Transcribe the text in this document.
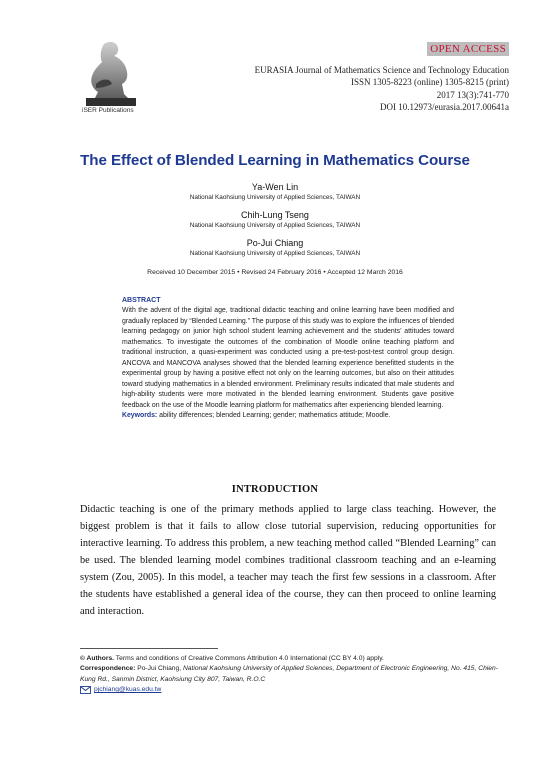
iSER Publications
OPEN ACCESS
EURASIA Journal of Mathematics Science and Technology Education
ISSN 1305-8223 (online) 1305-8215 (print)
2017 13(3):741-770
DOI 10.12973/eurasia.2017.00641a
The Effect of Blended Learning in Mathematics Course
Ya-Wen Lin
National Kaohsiung University of Applied Sciences, TAIWAN
Chih-Lung Tseng
National Kaohsiung University of Applied Sciences, TAIWAN
Po-Jui Chiang
National Kaohsiung University of Applied Sciences, TAIWAN
Received 10 December 2015 • Revised 24 February 2016 • Accepted 12 March 2016
ABSTRACT

With the advent of the digital age, traditional didactic teaching and online learning have been modified and gradually replaced by “Blended Learning.” The purpose of this study was to explore the influences of blended learning pedagogy on junior high school student learning achievement and the students’ attitudes toward mathematics. To investigate the outcomes of the combination of Moodle online teaching platform and traditional instruction, a quasi-experiment was conducted using a pre-test-post-test control group design. ANCOVA and MANCOVA analyses showed that the blended learning experience benefitted students in the experimental group by having a positive effect not only on the learning outcomes, but also on their attitudes toward studying mathematics in a blended environment. Preliminary results indicated that male students and high-ability students were more motivated in the blended learning environment. Students gave positive feedback on the use of the Moodle learning platform for mathematics after experiencing blended learning.

Keywords: ability differences; blended Learning; gender; mathematics attitude; Moodle.

INTRODUCTION

Didactic teaching is one of the primary methods applied to large class teaching. However, the biggest problem is that it fails to allow close tutorial supervision, reducing opportunities for interactive learning. To address this problem, a new teaching method called “Blended Learning” can be used. The blended learning model combines traditional classroom teaching and an e-learning system (Zou, 2005). In this model, a teacher may teach the first few sessions in a classroom. After the students have established a general idea of the course, they can then proceed to online learning and interaction.

© Authors. Terms and conditions of Creative Commons Attribution 4.0 International (CC BY 4.0) apply.
Correspondence: Po-Jui Chiang, National Kaohsiung University of Applied Sciences, Department of Electronic Engineering, No. 415, Chien-Kung Rd., Sanmin District, Kaohsiung City 807, Taiwan, R.O.C
pjchiang@kuas.edu.tw
